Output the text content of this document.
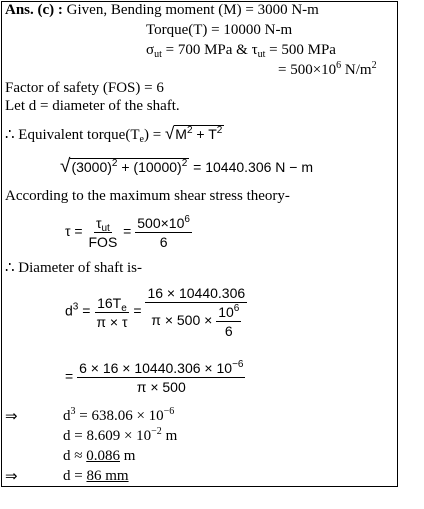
Ans. (c) : Given, Bending moment (M) = 3000 N-m
Torque(T) = 10000 N-m
$\sigma_{ut} = 700$ MPa & $\tau_{ut} = 500$ MPa
= $500\times 10^6$ $N/m^2$
Factor of safety (FOS) = 6
Let d = diameter of the shaft.
∴ Equivalent $torque(T_e) = √M^2 + T^2$
$√(3000)^2 + (10000)^2 = 10440.306$ N − m
According to the maximum shear stress theory-
$\tau = \frac{\tau_{ut}}{\text{FOS}} = \frac{500\times 10^6}{6}$
∴ Diameter of shaft is-
$d^3 = \frac{16T_e}{\pi \times \tau} = \frac{16 \times 10440.306}{\pi \times 500 \times \frac{10^6}{6}}$
= $\frac{6 \times 16 \times 10440.306 \times 10^{-6}}{\pi \times 500}$
⇒	$d^3 = 638.06 \times 10^{-6}$
$d = 8.609 \times 10^{-2}$ m
d ≈ 0.086 m
⇒	d = 86 mm
